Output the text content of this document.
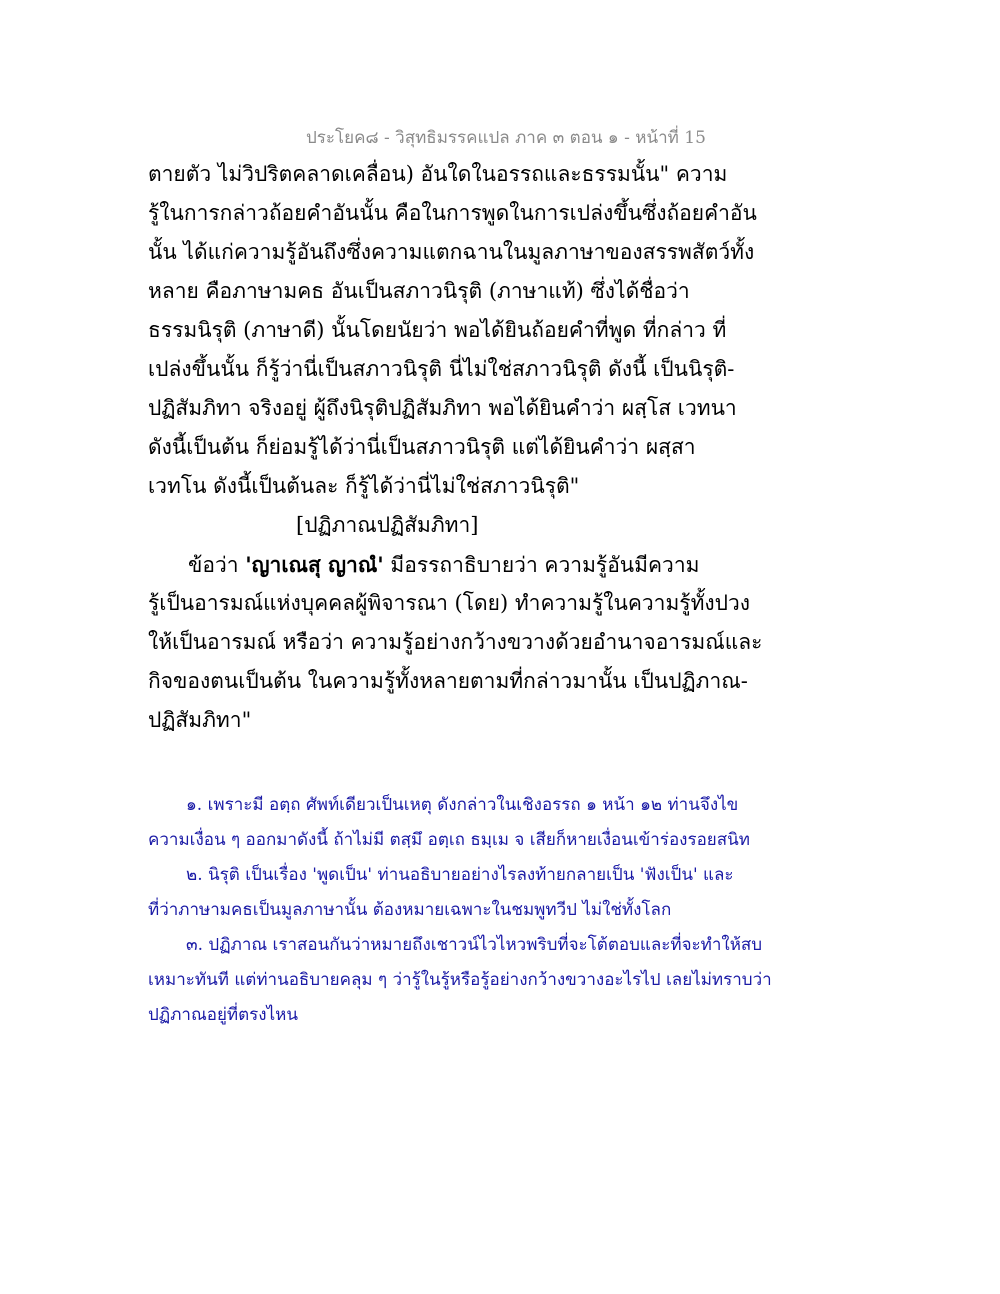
ประโยค๘ - วิสุทธิมรรคแปล ภาค ๓ ตอน ๑ - หน้าที่ 15
ตายตัว ไม่วิปริตคลาดเคลื่อน) อันใดในอรรถและธรรมนั้น" ความ
รู้ในการกล่าวถ้อยคำอันนั้น คือในการพูดในการเปล่งขึ้นซึ่งถ้อยคำอัน
นั้น ได้แก่ความรู้อันถึงซึ่งความแตกฉานในมูลภาษาของสรรพสัตว์ทั้ง
หลาย คือภาษามคธ อันเป็นสภาวนิรุติ (ภาษาแท้) ซึ่งได้ชื่อว่า
ธรรมนิรุติ (ภาษาดี) นั้นโดยนัยว่า พอได้ยินถ้อยคำที่พูด ที่กล่าว ที่
เปล่งขึ้นนั้น ก็รู้ว่านี่เป็นสภาวนิรุติ นี่ไม่ใช่สภาวนิรุติ ดังนี้ เป็นนิรุติ-
ปฏิสัมภิทา จริงอยู่ ผู้ถึงนิรุติปฏิสัมภิทา พอได้ยินคำว่า ผสฺโส เวทนา
ดังนี้เป็นต้น ก็ย่อมรู้ได้ว่านี่เป็นสภาวนิรุติ แต่ได้ยินคำว่า ผสฺสา
เวทโน ดังนี้เป็นต้นละ ก็รู้ได้ว่านี่ไม่ใช่สภาวนิรุติ"
[ปฏิภาณปฏิสัมภิทา]
ข้อว่า 'ญาเณสุ ญาณํ' มีอรรถาธิบายว่า ความรู้อันมีความ
รู้เป็นอารมณ์แห่งบุคคลผู้พิจารณา (โดย) ทำความรู้ในความรู้ทั้งปวง
ให้เป็นอารมณ์ หรือว่า ความรู้อย่างกว้างขวางด้วยอำนาจอารมณ์และ
กิจของตนเป็นต้น ในความรู้ทั้งหลายตามที่กล่าวมานั้น เป็นปฏิภาณ-
ปฏิสัมภิทา"
๑. เพราะมี อตฺถ ศัพท์เดียวเป็นเหตุ ดังกล่าวในเชิงอรรถ ๑ หน้า ๑๒ ท่านจึงไข
ความเงื่อน ๆ ออกมาดังนี้ ถ้าไม่มี ตสฺมึ อตฺเถ ธมฺเม จ เสียก็หายเงื่อนเข้าร่องรอยสนิท
๒. นิรุติ เป็นเรื่อง 'พูดเป็น' ท่านอธิบายอย่างไรลงท้ายกลายเป็น 'ฟังเป็น' และ
ที่ว่าภาษามคธเป็นมูลภาษานั้น ต้องหมายเฉพาะในชมพูทวีป ไม่ใช่ทั้งโลก
๓. ปฏิภาณ เราสอนกันว่าหมายถึงเชาวน์ไวไหวพริบที่จะโต้ตอบและที่จะทำให้สบ
เหมาะทันที แต่ท่านอธิบายคลุม ๆ ว่ารู้ในรู้หรือรู้อย่างกว้างขวางอะไรไป เลยไม่ทราบว่า
ปฏิภาณอยู่ที่ตรงไหน
